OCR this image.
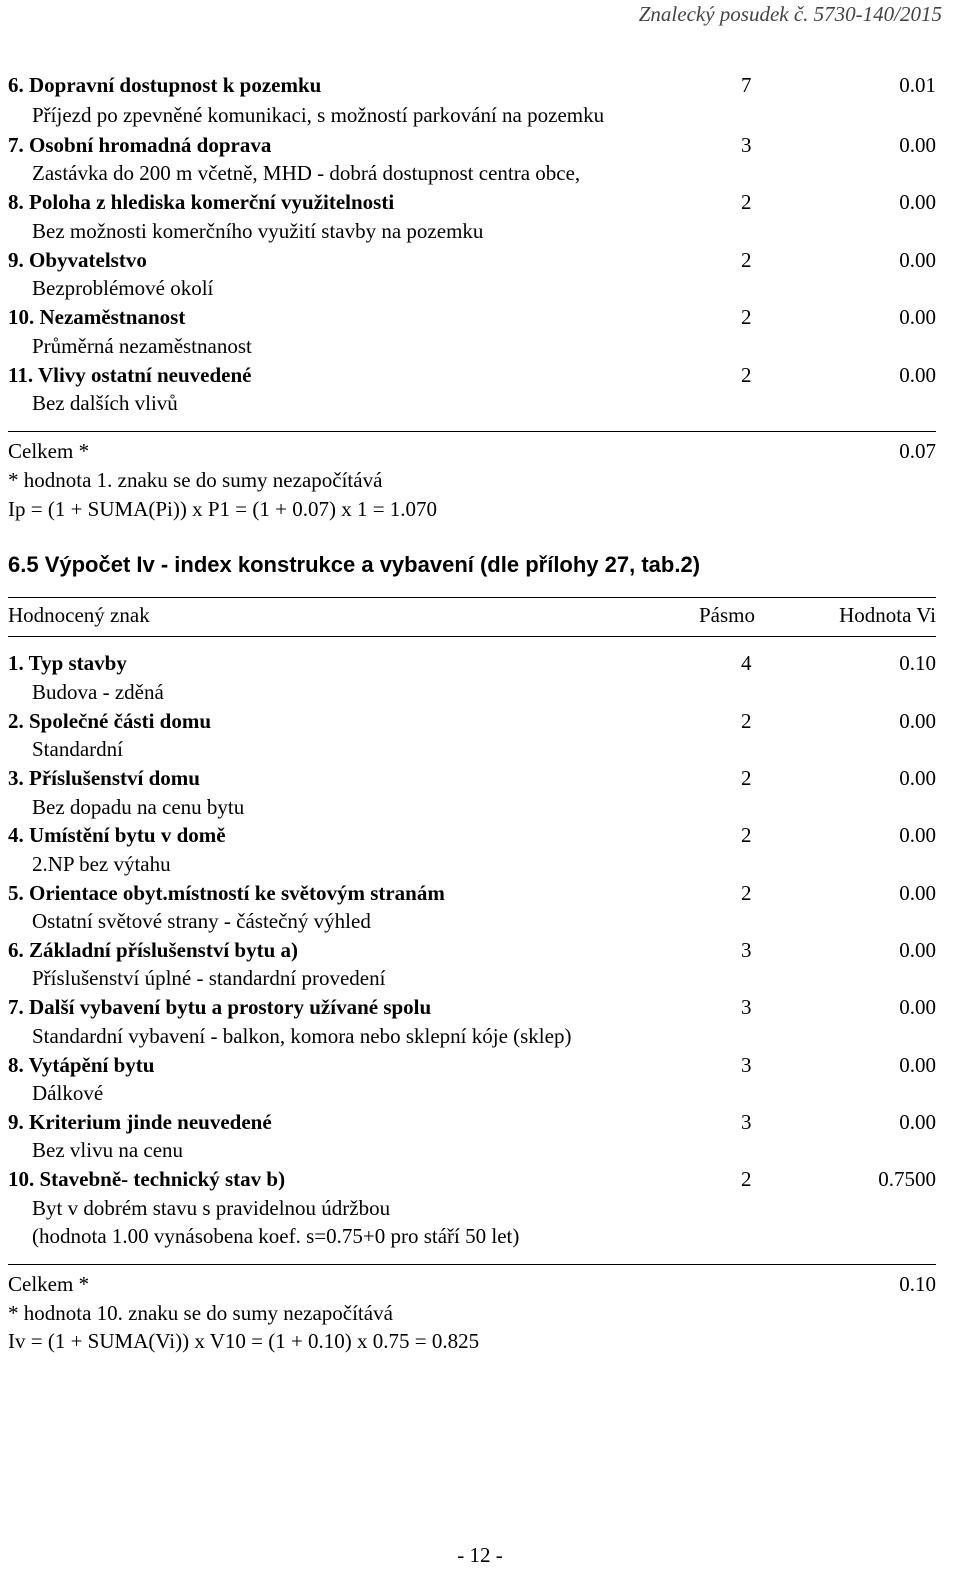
Znalecký posudek č. 5730-140/2015
6. Dopravní dostupnost k pozemku	7	0.01
Příjezd po zpevněné komunikaci, s možností parkování na pozemku
7. Osobní hromadná doprava	3	0.00
Zastávka do 200 m včetně, MHD - dobrá dostupnost centra obce,
8. Poloha z hlediska komerční využitelnosti	2	0.00
Bez možnosti komerčního využití stavby na pozemku
9. Obyvatelstvo	2	0.00
Bezproblémové okolí
10. Nezaměstnanost	2	0.00
Průměrná nezaměstnanost
11. Vlivy ostatní neuvedené	2	0.00
Bez dalších vlivů
Celkem *	0.07
* hodnota 1. znaku se do sumy nezapočítává
Ip = (1 + SUMA(Pi)) x P1 = (1 + 0.07) x 1 = 1.070
6.5 Výpočet Iv - index konstrukce a vybavení (dle přílohy 27, tab.2)
Hodnocený znak	Pásmo	Hodnota Vi
1. Typ stavby	4	0.10
Budova - zděná
2. Společné části domu	2	0.00
Standardní
3. Příslušenství domu	2	0.00
Bez dopadu na cenu bytu
4. Umístění bytu v domě	2	0.00
2.NP bez výtahu
5. Orientace obyt.místností ke světovým stranám	2	0.00
Ostatní světové strany - částečný výhled
6. Základní příslušenství bytu a)	3	0.00
Příslušenství úplné - standardní provedení
7. Další vybavení bytu a prostory užívané spolu	3	0.00
Standardní vybavení - balkon, komora nebo sklepní kóje (sklep)
8. Vytápění bytu	3	0.00
Dálkové
9. Kriterium jinde neuvedené	3	0.00
Bez vlivu na cenu
10. Stavebně- technický stav b)	2	0.7500
Byt v dobrém stavu s pravidelnou údržbou
(hodnota 1.00 vynásobena koef. s=0.75+0 pro stáří 50 let)
Celkem *	0.10
* hodnota 10. znaku se do sumy nezapočítává
Iv = (1 + SUMA(Vi)) x V10 = (1 + 0.10) x 0.75 = 0.825
- 12 -
